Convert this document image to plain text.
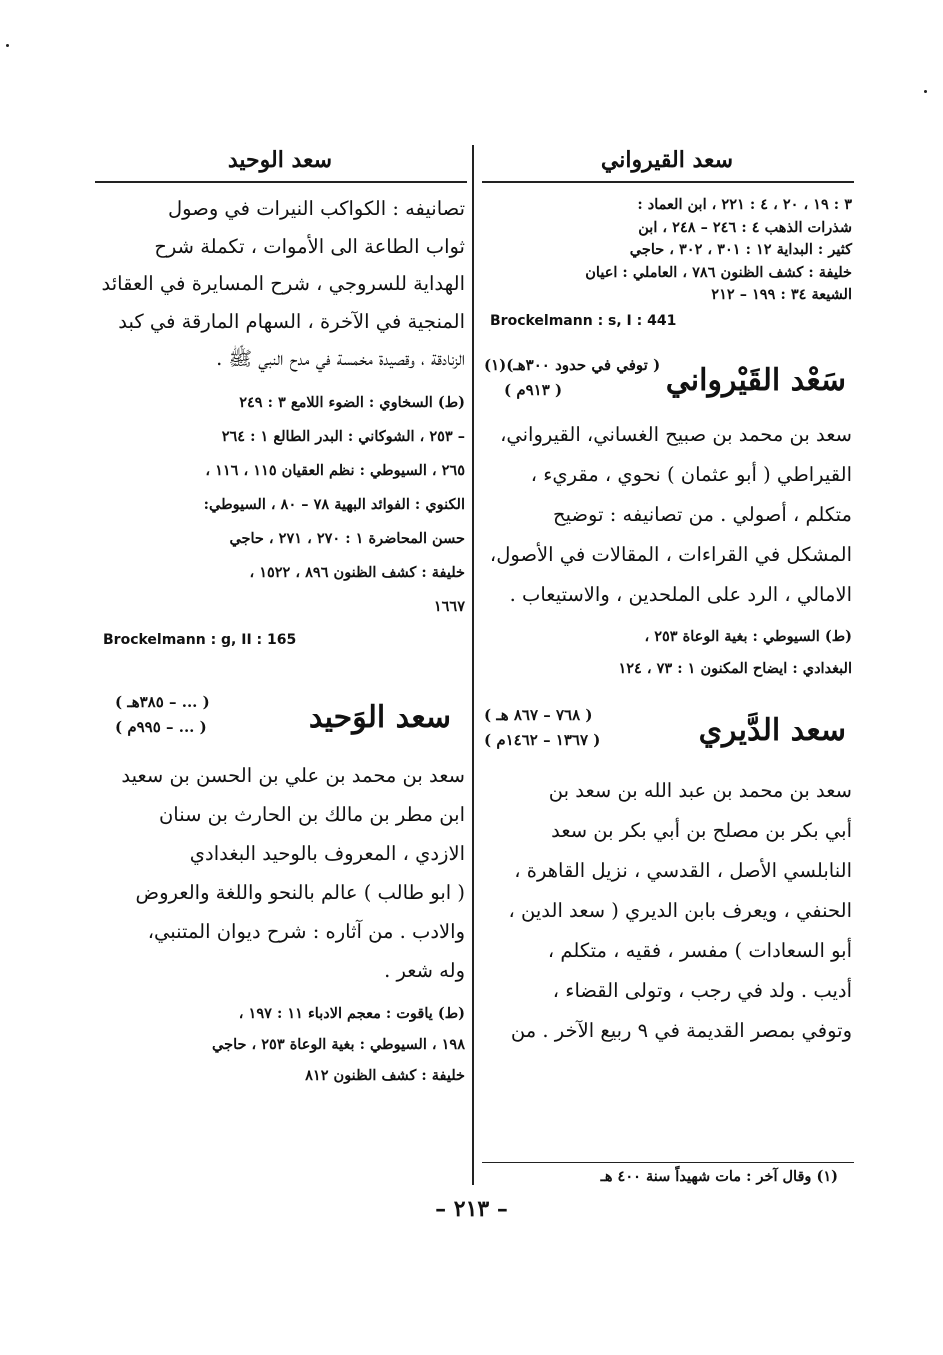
سعد القيرواني
سعد الوحيد

٣ : ١٩ ، ٢٠ ، ٤ : ٢٢١ ، ابن العماد :

شذرات الذهب ٤ : ٢٤٦ – ٢٤٨ ، ابن

كثير : البداية ١٢ : ٣٠١ ، ٣٠٢ ، حاجي

خليفة : كشف الظنون ٧٨٦ ، العاملي : اعيان

الشيعة ٣٤ : ١٩٩ – ٢١٢

Brockelmann : s, I : 441

سَعْد القَيْرواني
( توفي في حدود ٣٠٠هـ)(١)
( ٩١٣م )

سعد بن محمد بن صبيح الغساني، القيرواني،

القيراطي ( أبو عثمان ) نحوي ، مقريء ،

متكلم ، أصولي . من تصانيفه : توضيح

المشكل في القراءات ، المقالات في الأصول،

الامالي ، الرد على الملحدين ، والاستيعاب .

(ط) السيوطي : بغية الوعاة ٢٥٣ ،

البغدادي : ايضاح المكنون ١ : ٧٣ ، ١٢٤

سعد الدَّيري
( ٧٦٨ – ٨٦٧ هـ )
( ١٣٦٧ – ١٤٦٢م )

سعد بن محمد بن عبد الله بن سعد بن

أبي بكر بن مصلح بن أبي بكر بن سعد

النابلسي الأصل ، القدسي ، نزيل القاهرة ،

الحنفي ، ويعرف بابن الديري ( سعد الدين ،

أبو السعادات ) مفسر ، فقيه ، متكلم ،

أديب . ولد في رجب ، وتولى القضاء ،

وتوفي بمصر القديمة في ٩ ربيع الآخر . من

(١) وقال آخر : مات شهيداً سنة ٤٠٠ هـ

تصانيفه : الكواكب النيرات في وصول

ثواب الطاعة الى الأموات ، تكملة شرح

الهداية للسروجي ، شرح المسايرة في العقائد

المنجية في الآخرة ، السهام المارقة في كبد

الزنادقة ، وقصيدة مخمسة في مدح النبي ﷺ .

(ط) السخاوي : الضوء اللامع ٣ : ٢٤٩

– ٢٥٣ ، الشوكاني : البدر الطالع ١ : ٢٦٤

٢٦٥ ، السيوطي : نظم العقيان ١١٥ ، ١١٦ ،

الكنوي : الفوائد البهية ٧٨ – ٨٠ ، السيوطي:

حسن المحاضرة ١ : ٢٧٠ ، ٢٧١ ، حاجي

خليفة : كشف الظنون ٨٩٦ ، ١٥٢٢ ،

١٦٦٧

Brockelmann : g, II : 165

سعد الوَحيد
( ... – ٣٨٥هـ )
( ... – ٩٩٥م )

سعد بن محمد بن علي بن الحسن بن سعيد

ابن مطر بن مالك بن الحارث بن سنان

الازدي ، المعروف بالوحيد البغدادي

( ابو طالب ) عالم بالنحو واللغة والعروض

والادب . من آثاره : شرح ديوان المتنبي،

وله شعر .

(ط) ياقوت : معجم الادباء ١١ : ١٩٧ ،

١٩٨ ، السيوطي : بغية الوعاة ٢٥٣ ، حاجي

خليفة : كشف الظنون ٨١٢

– ٢١٣ –
